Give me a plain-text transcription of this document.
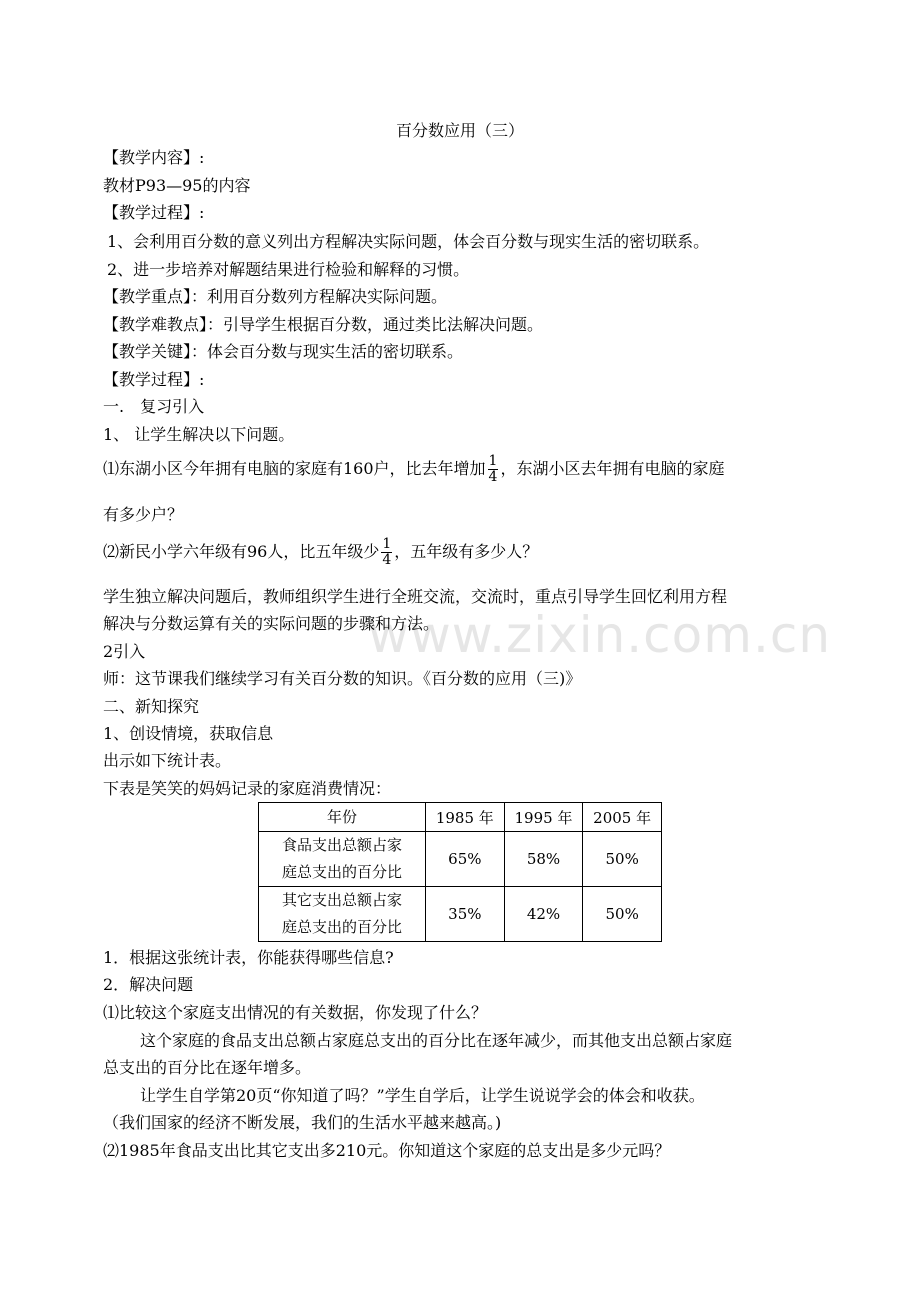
百分数应用（三）
【教学内容】:
教材P93—95的内容
【教学过程】:
1、会利用百分数的意义列出方程解决实际问题，体会百分数与现实生活的密切联系。
2、进一步培养对解题结果进行检验和解释的习惯。
【教学重点】：利用百分数列方程解决实际问题。
【教学难教点】：引导学生根据百分数，通过类比法解决问题。
【教学关键】：体会百分数与现实生活的密切联系。
【教学过程】:
一.　复习引入
1、 让学生解决以下问题。
⑴东湖小区今年拥有电脑的家庭有160户，比去年增加 $\frac{1}{4}$ ，东湖小区去年拥有电脑的家庭
有多少户？
⑵新民小学六年级有96人，比五年级少 $\frac{1}{4}$ ，五年级有多少人？
www.zixin.com.cn
学生独立解决问题后，教师组织学生进行全班交流，交流时，重点引导学生回忆利用方程
解决与分数运算有关的实际问题的步骤和方法。
2引入
师：这节课我们继续学习有关百分数的知识。《百分数的应用（三)》
二、新知探究
1、创设情境，获取信息
出示如下统计表。
下表是笑笑的妈妈记录的家庭消费情况：
年份	1985 年	1995 年	2005 年
食品支出总额占家
庭总支出的百分比	65%	58%	50%
其它支出总额占家
庭总支出的百分比	35%	42%	50%
1．根据这张统计表，你能获得哪些信息?
2．解决问题
⑴比较这个家庭支出情况的有关数据，你发现了什么？
这个家庭的食品支出总额占家庭总支出的百分比在逐年减少，而其他支出总额占家庭
总支出的百分比在逐年增多。
让学生自学第20页“你知道了吗？”学生自学后，让学生说说学会的体会和收获。
（我们国家的经济不断发展，我们的生活水平越来越高。)
⑵1985年食品支出比其它支出多210元。你知道这个家庭的总支出是多少元吗？
